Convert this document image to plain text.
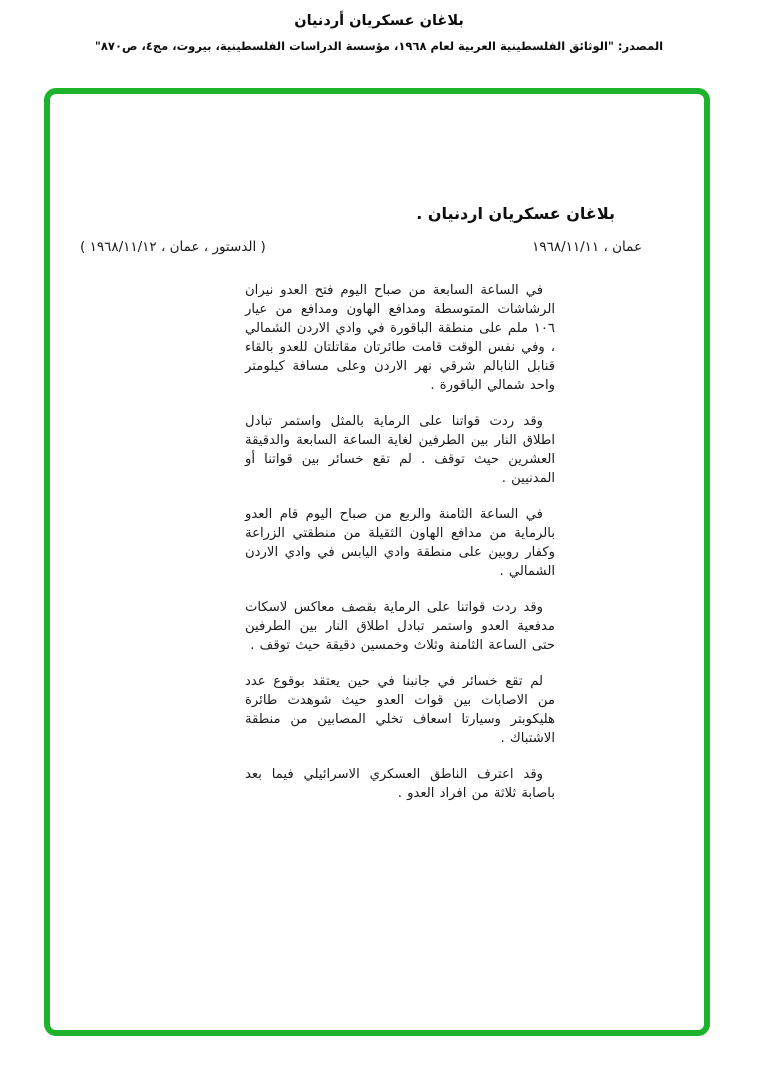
بلاغان عسكريان أردنيان
المصدر: "الوثائق الفلسطينية العربية لعام ١٩٦٨، مؤسسة الدراسات الفلسطينية، بيروت، مج٤، ص٨٧٠"
بلاغان عسكريان اردنيان .
عمان ، ١٩٦٨/١١/١١
( الدستور ، عمان ، ١٩٦٨/١١/١٢ )

في الساعة السابعة من صباح اليوم فتح العدو نيران الرشاشات المتوسطة ومدافع الهاون ومدافع من عيار ١٠٦ ملم على منطقة الباقورة في وادي الاردن الشمالي ، وفي نفس الوقت قامت طائرتان مقاتلتان للعدو بالقاء قنابل النابالم شرقي نهر الاردن وعلى مسافة كيلومتر واحد شمالي الباقورة .

وقد ردت قواتنا على الرماية بالمثل واستمر تبادل اطلاق النار بين الطرفين لغاية الساعة السابعة والدقيقة العشرين حيث توقف . لم تقع خسائر بين قواتنا أو المدنيين .

في الساعة الثامنة والربع من صباح اليوم قام العدو بالرماية من مدافع الهاون الثقيلة من منطقتي الزراعة وكفار روبين على منطقة وادي اليابس في وادي الاردن الشمالي .

وقد ردت قواتنا على الرماية بقصف معاكس لاسكات مدفعية العدو واستمر تبادل اطلاق النار بين الطرفين حتى الساعة الثامنة وثلاث وخمسين دقيقة حيث توقف .

لم تقع خسائر في جانبنا في حين يعتقد بوقوع عدد من الاصابات بين قوات العدو حيث شوهدت طائرة هليكوبتر وسيارتا اسعاف تخلي المصابين من منطقة الاشتباك .

وقد اعترف الناطق العسكري الاسرائيلي فيما بعد باصابة ثلاثة من افراد العدو .
